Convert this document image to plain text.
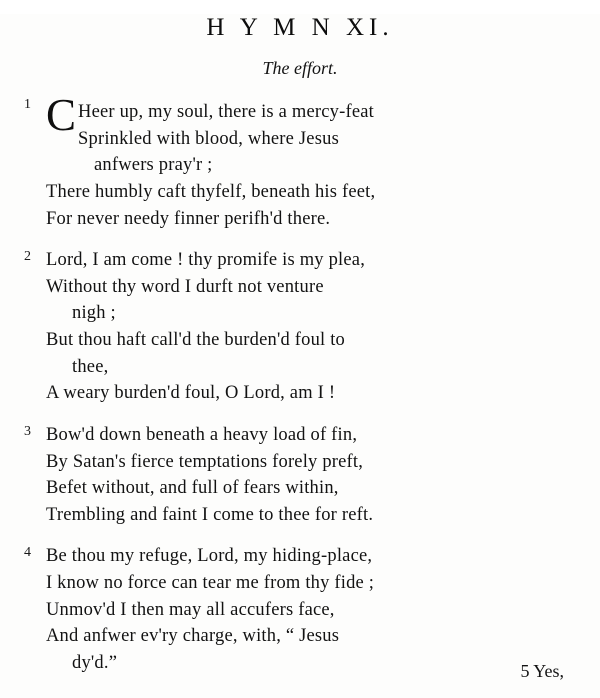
H Y M N XI.
The effort.
1 C Heer up, my soul, there is a mercy-feat
Sprinkled with blood, where Jesus
anfwers pray'r ;
There humbly caft thyfelf, beneath his feet,
For never needy finner perifh'd there.
2 Lord, I am come ! thy promife is my plea,
Without thy word I durft not venture
nigh ;
But thou haft call'd the burden'd foul to
thee,
A weary burden'd foul, O Lord, am I !
3 Bow'd down beneath a heavy load of fin,
By Satan's fierce temptations forely preft,
Befet without, and full of fears within,
Trembling and faint I come to thee for reft.
4 Be thou my refuge, Lord, my hiding-place,
I know no force can tear me from thy fide ;
Unmov'd I then may all accufers face,
And anfwer ev'ry charge, with, “ Jesus
dy'd.”	5 Yes,
